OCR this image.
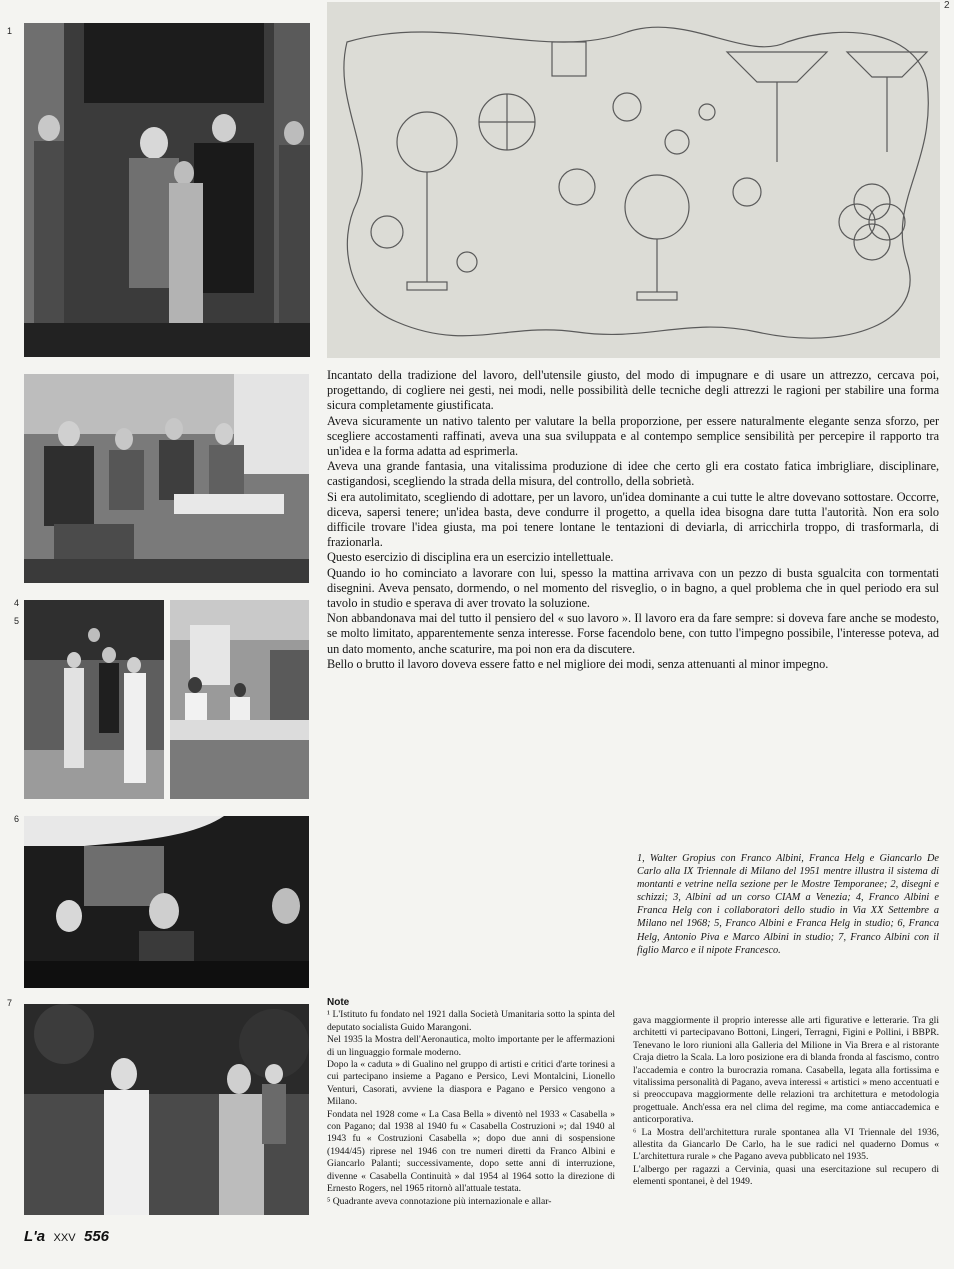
2
1
4
5
6
7

Incantato della tradizione del lavoro, dell'utensile giusto, del modo di impugnare e di usare un attrezzo, cercava poi, progettando, di cogliere nei gesti, nei modi, nelle possibilità delle tecniche degli attrezzi le ragioni per stabilire una forma sicura completamente giustificata.

Aveva sicuramente un nativo talento per valutare la bella proporzione, per essere naturalmente elegante senza sforzo, per scegliere accostamenti raffinati, aveva una sua sviluppata e al contempo semplice sensibilità per percepire il rapporto tra un'idea e la forma adatta ad esprimerla.

Aveva una grande fantasia, una vitalissima produzione di idee che certo gli era costato fatica imbrigliare, disciplinare, castigandosi, scegliendo la strada della misura, del controllo, della sobrietà.

Si era autolimitato, scegliendo di adottare, per un lavoro, un'idea dominante a cui tutte le altre dovevano sottostare. Occorre, diceva, sapersi tenere; un'idea basta, deve condurre il progetto, a quella idea bisogna dare tutta l'autorità. Non era solo difficile trovare l'idea giusta, ma poi tenere lontane le tentazioni di deviarla, di arricchirla troppo, di trasformarla, di frazionarla.

Questo esercizio di disciplina era un esercizio intellettuale.

Quando io ho cominciato a lavorare con lui, spesso la mattina arrivava con un pezzo di busta sgualcita con tormentati disegnini. Aveva pensato, dormendo, o nel momento del risveglio, o in bagno, a quel problema che in quel periodo era sul tavolo in studio e sperava di aver trovato la soluzione.

Non abbandonava mai del tutto il pensiero del « suo lavoro ». Il lavoro era da fare sempre: si doveva fare anche se modesto, se molto limitato, apparentemente senza interesse. Forse facendolo bene, con tutto l'impegno possibile, l'interesse poteva, ad un dato momento, anche scaturire, ma poi non era da discutere.

Bello o brutto il lavoro doveva essere fatto e nel migliore dei modi, senza attenuanti al minor impegno.

1, Walter Gropius con Franco Albini, Franca Helg e Giancarlo De Carlo alla IX Triennale di Milano del 1951 mentre illustra il sistema di montanti e vetrine nella sezione per le Mostre Temporanee; 2, disegni e schizzi; 3, Albini ad un corso CIAM a Venezia; 4, Franco Albini e Franca Helg con i collaboratori dello studio in Via XX Settembre a Milano nel 1968; 5, Franco Albini e Franca Helg in studio; 6, Franca Helg, Antonio Piva e Marco Albini in studio; 7, Franco Albini con il figlio Marco e il nipote Francesco.
Note

¹ L'Istituto fu fondato nel 1921 dalla Società Umanitaria sotto la spinta del deputato socialista Guido Marangoni.

Nel 1935 la Mostra dell'Aeronautica, molto importante per le affermazioni di un linguaggio formale moderno.

Dopo la « caduta » di Gualino nel gruppo di artisti e critici d'arte torinesi a cui partecipano insieme a Pagano e Persico, Levi Montalcini, Lionello Venturi, Casorati, avviene la diaspora e Pagano e Persico vengono a Milano.

Fondata nel 1928 come « La Casa Bella » diventò nel 1933 « Casabella » con Pagano; dal 1938 al 1940 fu « Casabella Costruzioni »; dal 1940 al 1943 fu « Costruzioni Casabella »; dopo due anni di sospensione (1944/45) riprese nel 1946 con tre numeri diretti da Franco Albini e Giancarlo Palanti; successivamente, dopo sette anni di interruzione, divenne « Casabella Continuità » dal 1954 al 1964 sotto la direzione di Ernesto Rogers, nel 1965 ritornò all'attuale testata.

⁵ Quadrante aveva connotazione più internazionale e allar-

gava maggiormente il proprio interesse alle arti figurative e letterarie. Tra gli architetti vi partecipavano Bottoni, Lingeri, Terragni, Figini e Pollini, i BBPR. Tenevano le loro riunioni alla Galleria del Milione in Via Brera e al ristorante Craja dietro la Scala. La loro posizione era di blanda fronda al fascismo, contro l'accademia e contro la burocrazia romana. Casabella, legata alla fortissima e vitalissima personalità di Pagano, aveva interessi « artistici » meno accentuati e si preoccupava maggiormente delle relazioni tra architettura e metodologia progettuale. Anch'essa era nel clima del regime, ma come antiaccademica e anticorporativa.

⁶ La Mostra dell'architettura rurale spontanea alla VI Triennale del 1936, allestita da Giancarlo De Carlo, ha le sue radici nel quaderno Domus « L'architettura rurale » che Pagano aveva pubblicato nel 1935.

L'albergo per ragazzi a Cervinia, quasi una esercitazione sul recupero di elementi spontanei, è del 1949.

L'a XXV 556
